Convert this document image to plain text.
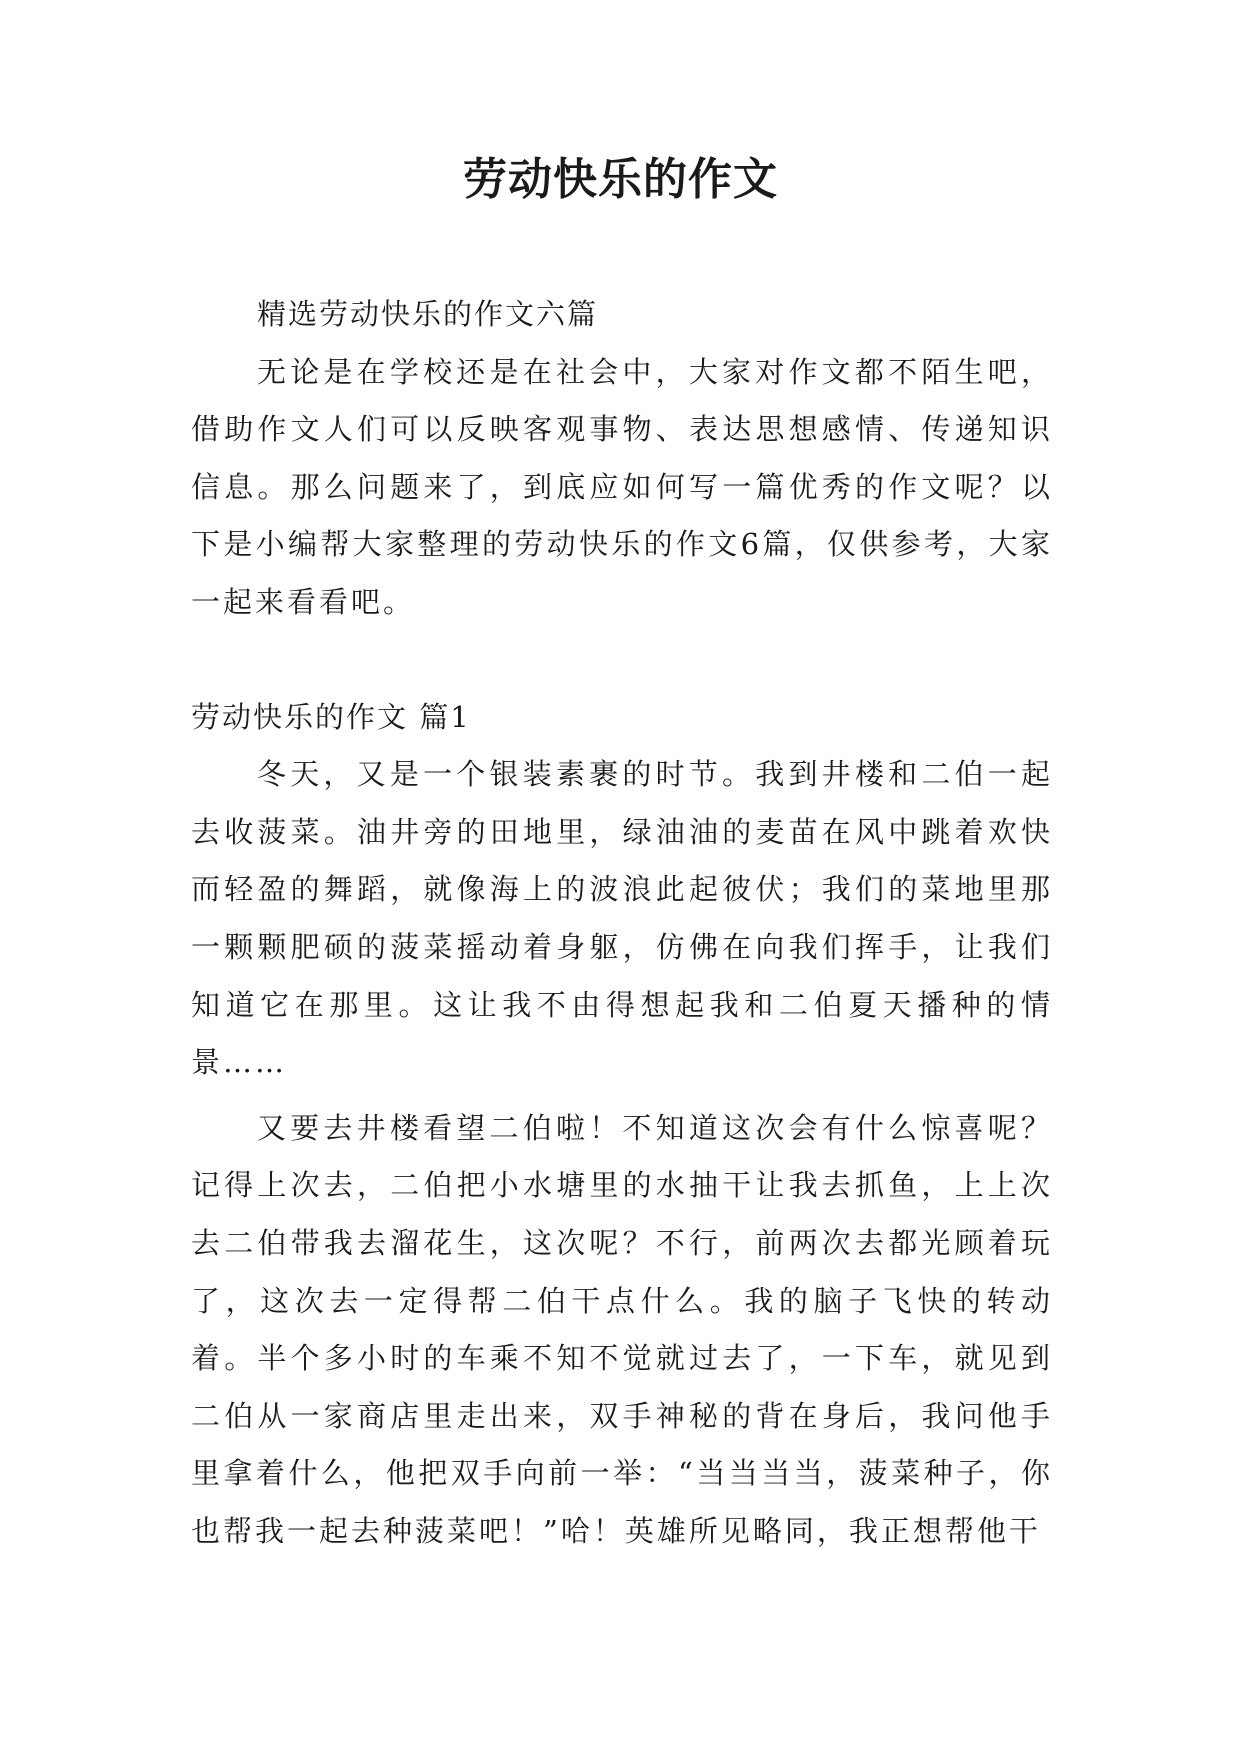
劳动快乐的作文

精选劳动快乐的作文六篇

无论是在学校还是在社会中，大家对作文都不陌生吧，借助作文人们可以反映客观事物、表达思想感情、传递知识信息。那么问题来了，到底应如何写一篇优秀的作文呢？以下是小编帮大家整理的劳动快乐的作文6篇，仅供参考，大家一起来看看吧。

劳动快乐的作文 篇1

冬天，又是一个银装素裹的时节。我到井楼和二伯一起去收菠菜。油井旁的田地里，绿油油的麦苗在风中跳着欢快而轻盈的舞蹈，就像海上的波浪此起彼伏；我们的菜地里那一颗颗肥硕的菠菜摇动着身躯，仿佛在向我们挥手，让我们知道它在那里。这让我不由得想起我和二伯夏天播种的情景……

又要去井楼看望二伯啦！不知道这次会有什么惊喜呢？记得上次去，二伯把小水塘里的水抽干让我去抓鱼，上上次去二伯带我去溜花生，这次呢？不行，前两次去都光顾着玩了，这次去一定得帮二伯干点什么。我的脑子飞快的转动着。半个多小时的车乘不知不觉就过去了，一下车，就见到二伯从一家商店里走出来，双手神秘的背在身后，我问他手里拿着什么，他把双手向前一举：“当当当当，菠菜种子，你也帮我一起去种菠菜吧！”哈！英雄所见略同，我正想帮他干
